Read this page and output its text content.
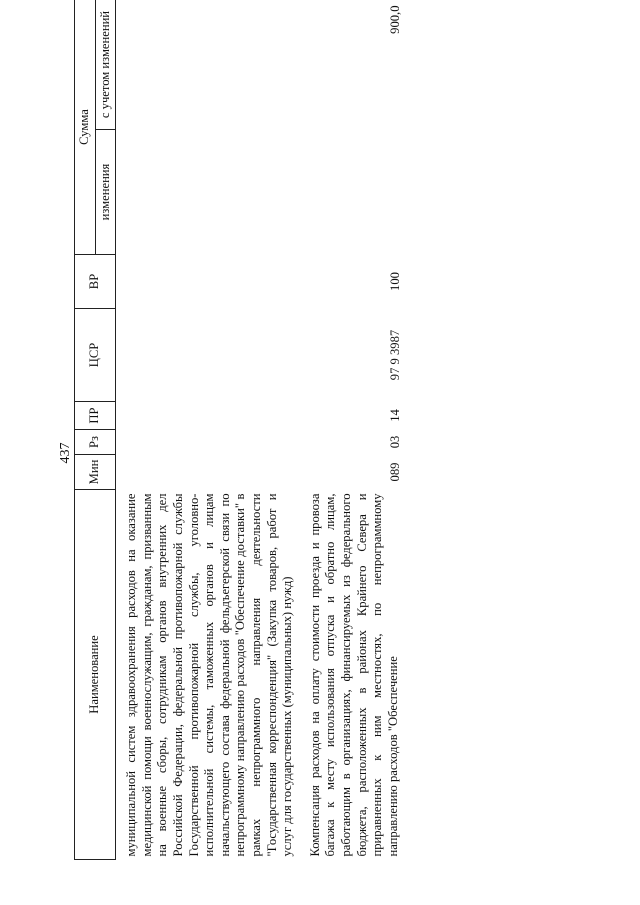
437
Наименование	Мин	Рз	ПР	ЦСР	ВР	Сумма	
						изменения	с учетом изменений
муниципальной систем здравоохранения расходов на оказание медицинской помощи военнослужащим, гражданам, призванным на военные сборы, сотрудникам органов внутренних дел Российской Федерации, федеральной противопожарной службы Государственной противопожарной службы, уголовно-исполнительной системы, таможенных органов и лицам начальствующего состава федеральной фельдъегерской связи по непрограммному направлению расходов "Обеспечение доставки" в рамках непрограммного направления деятельности "Государственная корреспонденция" (Закупка товаров, работ и услуг для государственных (муниципальных) нужд)							
Компенсация расходов на оплату стоимости проезда и провоза багажа к месту использования отпуска и обратно лицам, работающим в организациях, финансируемых из федерального бюджета, расположенных в районах Крайнего Севера и приравненных к ним местностях, по непрограммному направлению расходов "Обеспечение	089	03	14	97 9 3987	100		900,0
